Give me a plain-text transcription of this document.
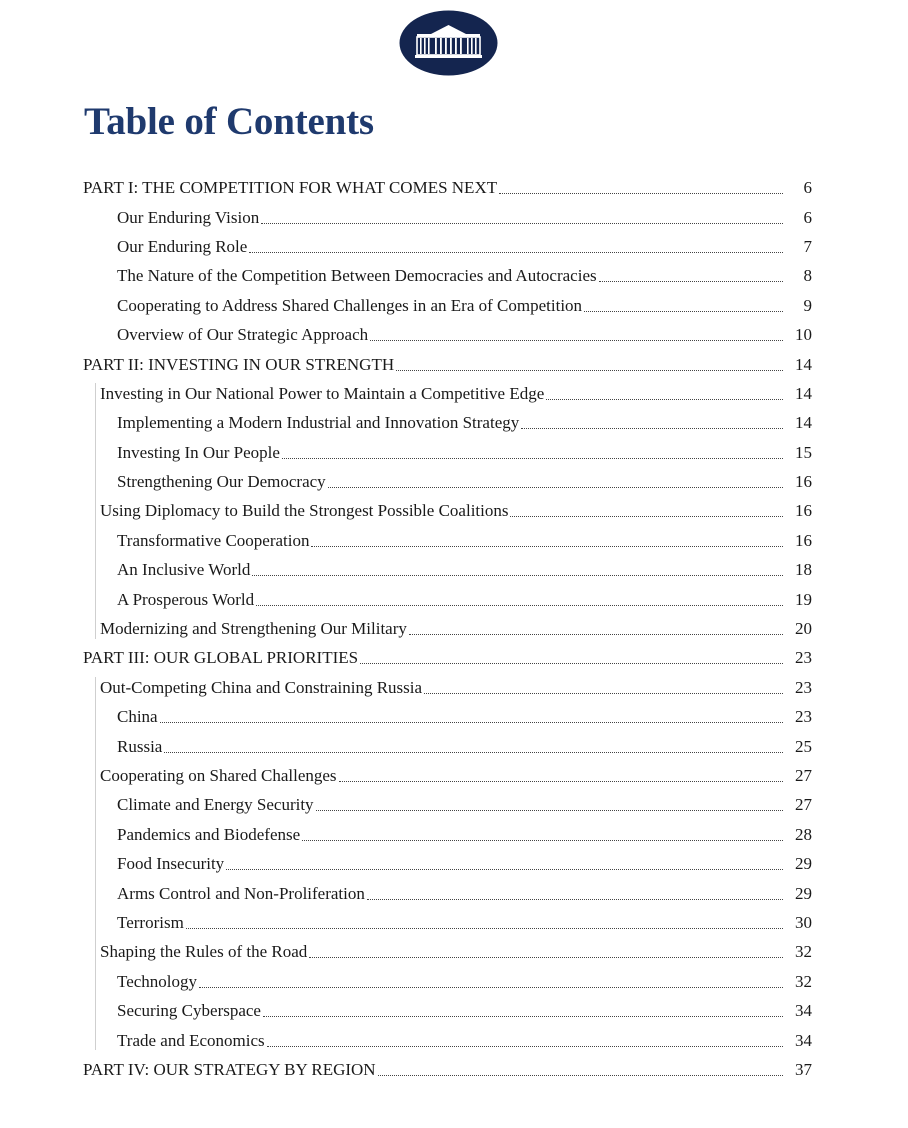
Table of Contents
PART I: THE COMPETITION FOR WHAT COMES NEXT	6
Our Enduring Vision	6
Our Enduring Role	7
The Nature of the Competition Between Democracies and Autocracies	8
Cooperating to Address Shared Challenges in an Era of Competition	9
Overview of Our Strategic Approach	10
PART II: INVESTING IN OUR STRENGTH	14
Investing in Our National Power to Maintain a Competitive Edge	14
Implementing a Modern Industrial and Innovation Strategy	14
Investing In Our People	15
Strengthening Our Democracy	16
Using Diplomacy to Build the Strongest Possible Coalitions	16
Transformative Cooperation	16
An Inclusive World	18
A Prosperous World	19
Modernizing and Strengthening Our Military	20
PART III: OUR GLOBAL PRIORITIES	23
Out-Competing China and Constraining Russia	23
China	23
Russia	25
Cooperating on Shared Challenges	27
Climate and Energy Security	27
Pandemics and Biodefense	28
Food Insecurity	29
Arms Control and Non-Proliferation	29
Terrorism	30
Shaping the Rules of the Road	32
Technology	32
Securing Cyberspace	34
Trade and Economics	34
PART IV: OUR STRATEGY BY REGION	37
